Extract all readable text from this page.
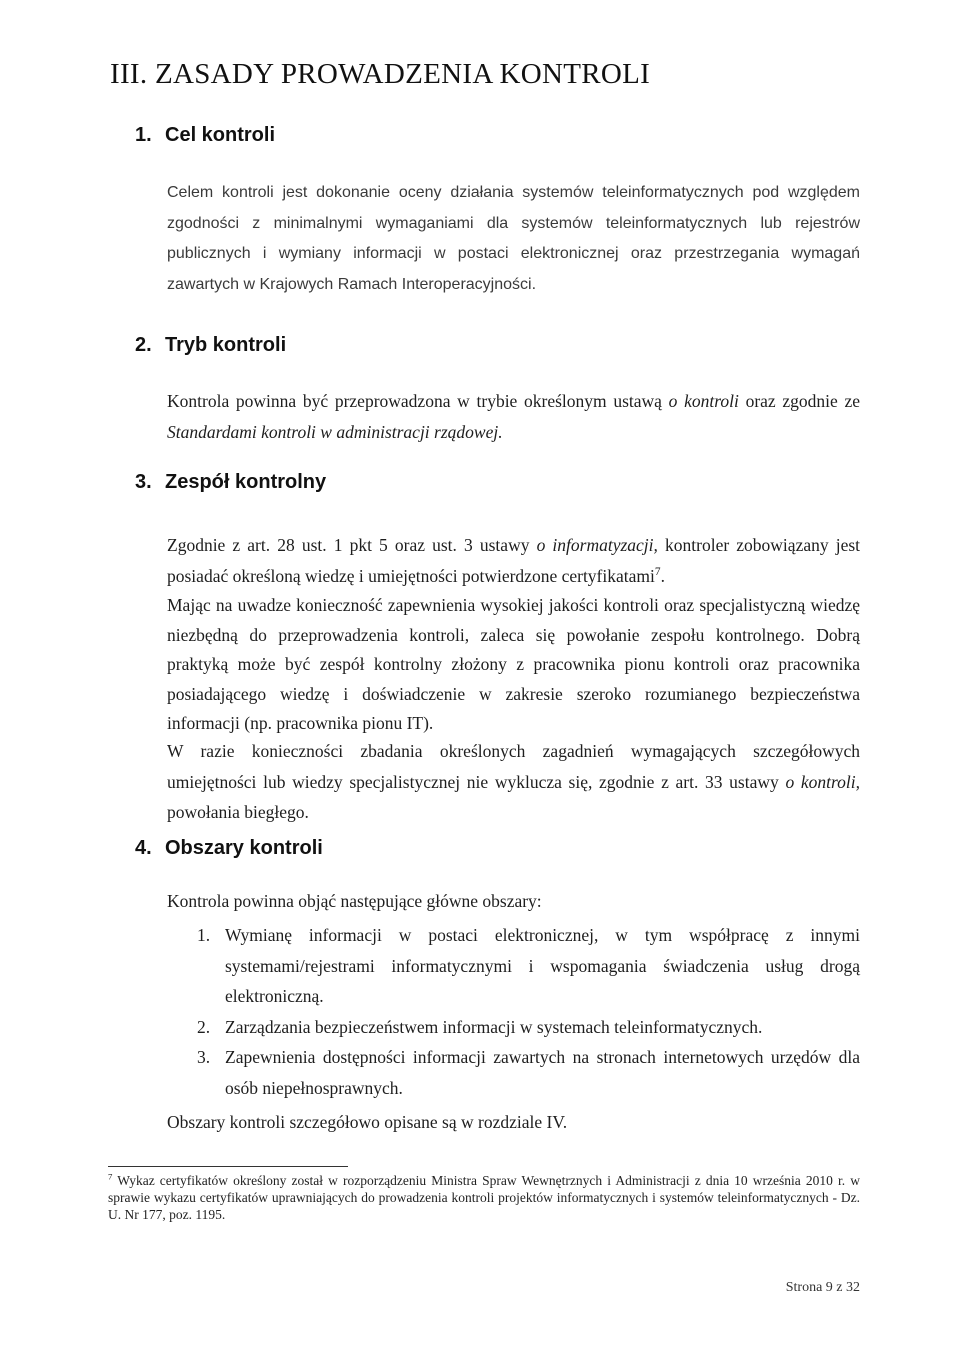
III. ZASADY PROWADZENIA KONTROLI
1. Cel kontroli
Celem kontroli jest dokonanie oceny działania systemów teleinformatycznych pod względem zgodności z minimalnymi wymaganiami dla systemów teleinformatycznych lub rejestrów publicznych i wymiany informacji w postaci elektronicznej oraz przestrzegania wymagań zawartych w Krajowych Ramach Interoperacyjności.
2. Tryb kontroli
Kontrola powinna być przeprowadzona w trybie określonym ustawą o kontroli oraz zgodnie ze Standardami kontroli w administracji rządowej.
3. Zespół kontrolny
Zgodnie z art. 28 ust. 1 pkt 5 oraz ust. 3 ustawy o informatyzacji, kontroler zobowiązany jest posiadać określoną wiedzę i umiejętności potwierdzone certyfikatami$^7$.
Mając na uwadze konieczność zapewnienia wysokiej jakości kontroli oraz specjalistyczną wiedzę niezbędną do przeprowadzenia kontroli, zaleca się powołanie zespołu kontrolnego. Dobrą praktyką może być zespół kontrolny złożony z pracownika pionu kontroli oraz pracownika posiadającego wiedzę i doświadczenie w zakresie szeroko rozumianego bezpieczeństwa informacji (np. pracownika pionu IT).
W razie konieczności zbadania określonych zagadnień wymagających szczegółowych umiejętności lub wiedzy specjalistycznej nie wyklucza się, zgodnie z art. 33 ustawy o kontroli, powołania biegłego.
4. Obszary kontroli
Kontrola powinna objąć następujące główne obszary:
1. Wymianę informacji w postaci elektronicznej, w tym współpracę z innymi systemami/rejestrami informatycznymi i wspomagania świadczenia usług drogą elektroniczną.
2. Zarządzania bezpieczeństwem informacji w systemach teleinformatycznych.
3. Zapewnienia dostępności informacji zawartych na stronach internetowych urzędów dla osób niepełnosprawnych.
Obszary kontroli szczegółowo opisane są w rozdziale IV.
$^7$ Wykaz certyfikatów określony został w rozporządzeniu Ministra Spraw Wewnętrznych i Administracji z dnia 10 września 2010 r. w sprawie wykazu certyfikatów uprawniających do prowadzenia kontroli projektów informatycznych i systemów teleinformatycznych - Dz. U. Nr 177, poz. 1195.
Strona 9 z 32
